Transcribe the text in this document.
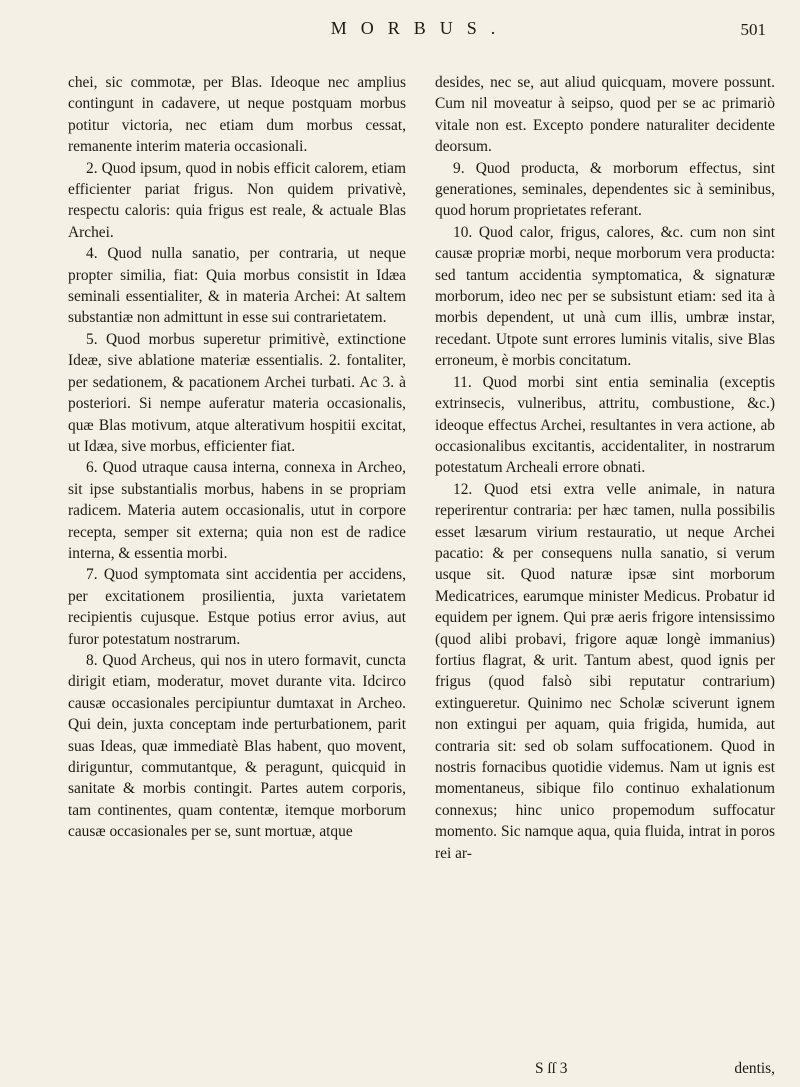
MORBUS.	501

chei, sic commotæ, per Blas. Ideoque nec amplius contingunt in cadavere, ut neque postquam morbus potitur victoria, nec etiam dum morbus cessat, remanente interim materia occasionali.

2. Quod ipsum, quod in nobis efficit calorem, etiam efficienter pariat frigus. Non quidem privativè, respectu caloris: quia frigus est reale, & actuale Blas Archei.

4. Quod nulla sanatio, per contraria, ut neque propter similia, fiat: Quia morbus consistit in Idæa seminali essentialiter, & in materia Archei: At saltem substantiæ non admittunt in esse sui contrarietatem.

5. Quod morbus superetur primitivè, extinctione Ideæ, sive ablatione materiæ essentialis. 2. fontaliter, per sedationem, & pacationem Archei turbati. Ac 3. à posteriori. Si nempe auferatur materia occasionalis, quæ Blas motivum, atque alterativum hospitii excitat, ut Idæa, sive morbus, efficienter fiat.

6. Quod utraque causa interna, connexa in Archeo, sit ipse substantialis morbus, habens in se propriam radicem. Materia autem occasionalis, utut in corpore recepta, semper sit externa; quia non est de radice interna, & essentia morbi.

7. Quod symptomata sint accidentia per accidens, per excitationem prosilientia, juxta varietatem recipientis cujusque. Estque potius error avius, aut furor potestatum nostrarum.

8. Quod Archeus, qui nos in utero formavit, cuncta dirigit etiam, moderatur, movet durante vita. Idcirco causæ occasionales percipiuntur dumtaxat in Archeo. Qui dein, juxta conceptam inde perturbationem, parit suas Ideas, quæ immediatè Blas habent, quo movent, diriguntur, commutantque, & peragunt, quicquid in sanitate & morbis contingit. Partes autem corporis, tam continentes, quam contentæ, itemque morborum causæ occasionales per se, sunt mortuæ, atque

desides, nec se, aut aliud quicquam, movere possunt. Cum nil moveatur à seipso, quod per se ac primariò vitale non est. Excepto pondere naturaliter decidente deorsum.

9. Quod producta, & morborum effectus, sint generationes, seminales, dependentes sic à seminibus, quod horum proprietates referant.

10. Quod calor, frigus, calores, &c. cum non sint causæ propriæ morbi, neque morborum vera producta: sed tantum accidentia symptomatica, & signaturæ morborum, ideo nec per se subsistunt etiam: sed ita à morbis dependent, ut unà cum illis, umbræ instar, recedant. Utpote sunt errores luminis vitalis, sive Blas erroneum, è morbis concitatum.

11. Quod morbi sint entia seminalia (exceptis extrinsecis, vulneribus, attritu, combustione, &c.) ideoque effectus Archei, resultantes in vera actione, ab occasionalibus excitantis, accidentaliter, in nostrarum potestatum Archeali errore obnati.

12. Quod etsi extra velle animale, in natura reperirentur contraria: per hæc tamen, nulla possibilis esset læsarum virium restauratio, ut neque Archei pacatio: & per consequens nulla sanatio, si verum usque sit. Quod naturæ ipsæ sint morborum Medicatrices, earumque minister Medicus. Probatur id equidem per ignem. Qui præ aeris frigore intensissimo (quod alibi probavi, frigore aquæ longè immanius) fortius flagrat, & urit. Tantum abest, quod ignis per frigus (quod falsò sibi reputatur contrarium) extingueretur. Quinimo nec Scholæ sciverunt ignem non extingui per aquam, quia frigida, humida, aut contraria sit: sed ob solam suffocationem. Quod in nostris fornacibus quotidie videmus. Nam ut ignis est momentaneus, sibique filo continuo exhalationum connexus; hinc unico propemodum suffocatur momento. Sic namque aqua, quia fluida, intrat in poros rei ar-

S ſſ 3	dentis,
